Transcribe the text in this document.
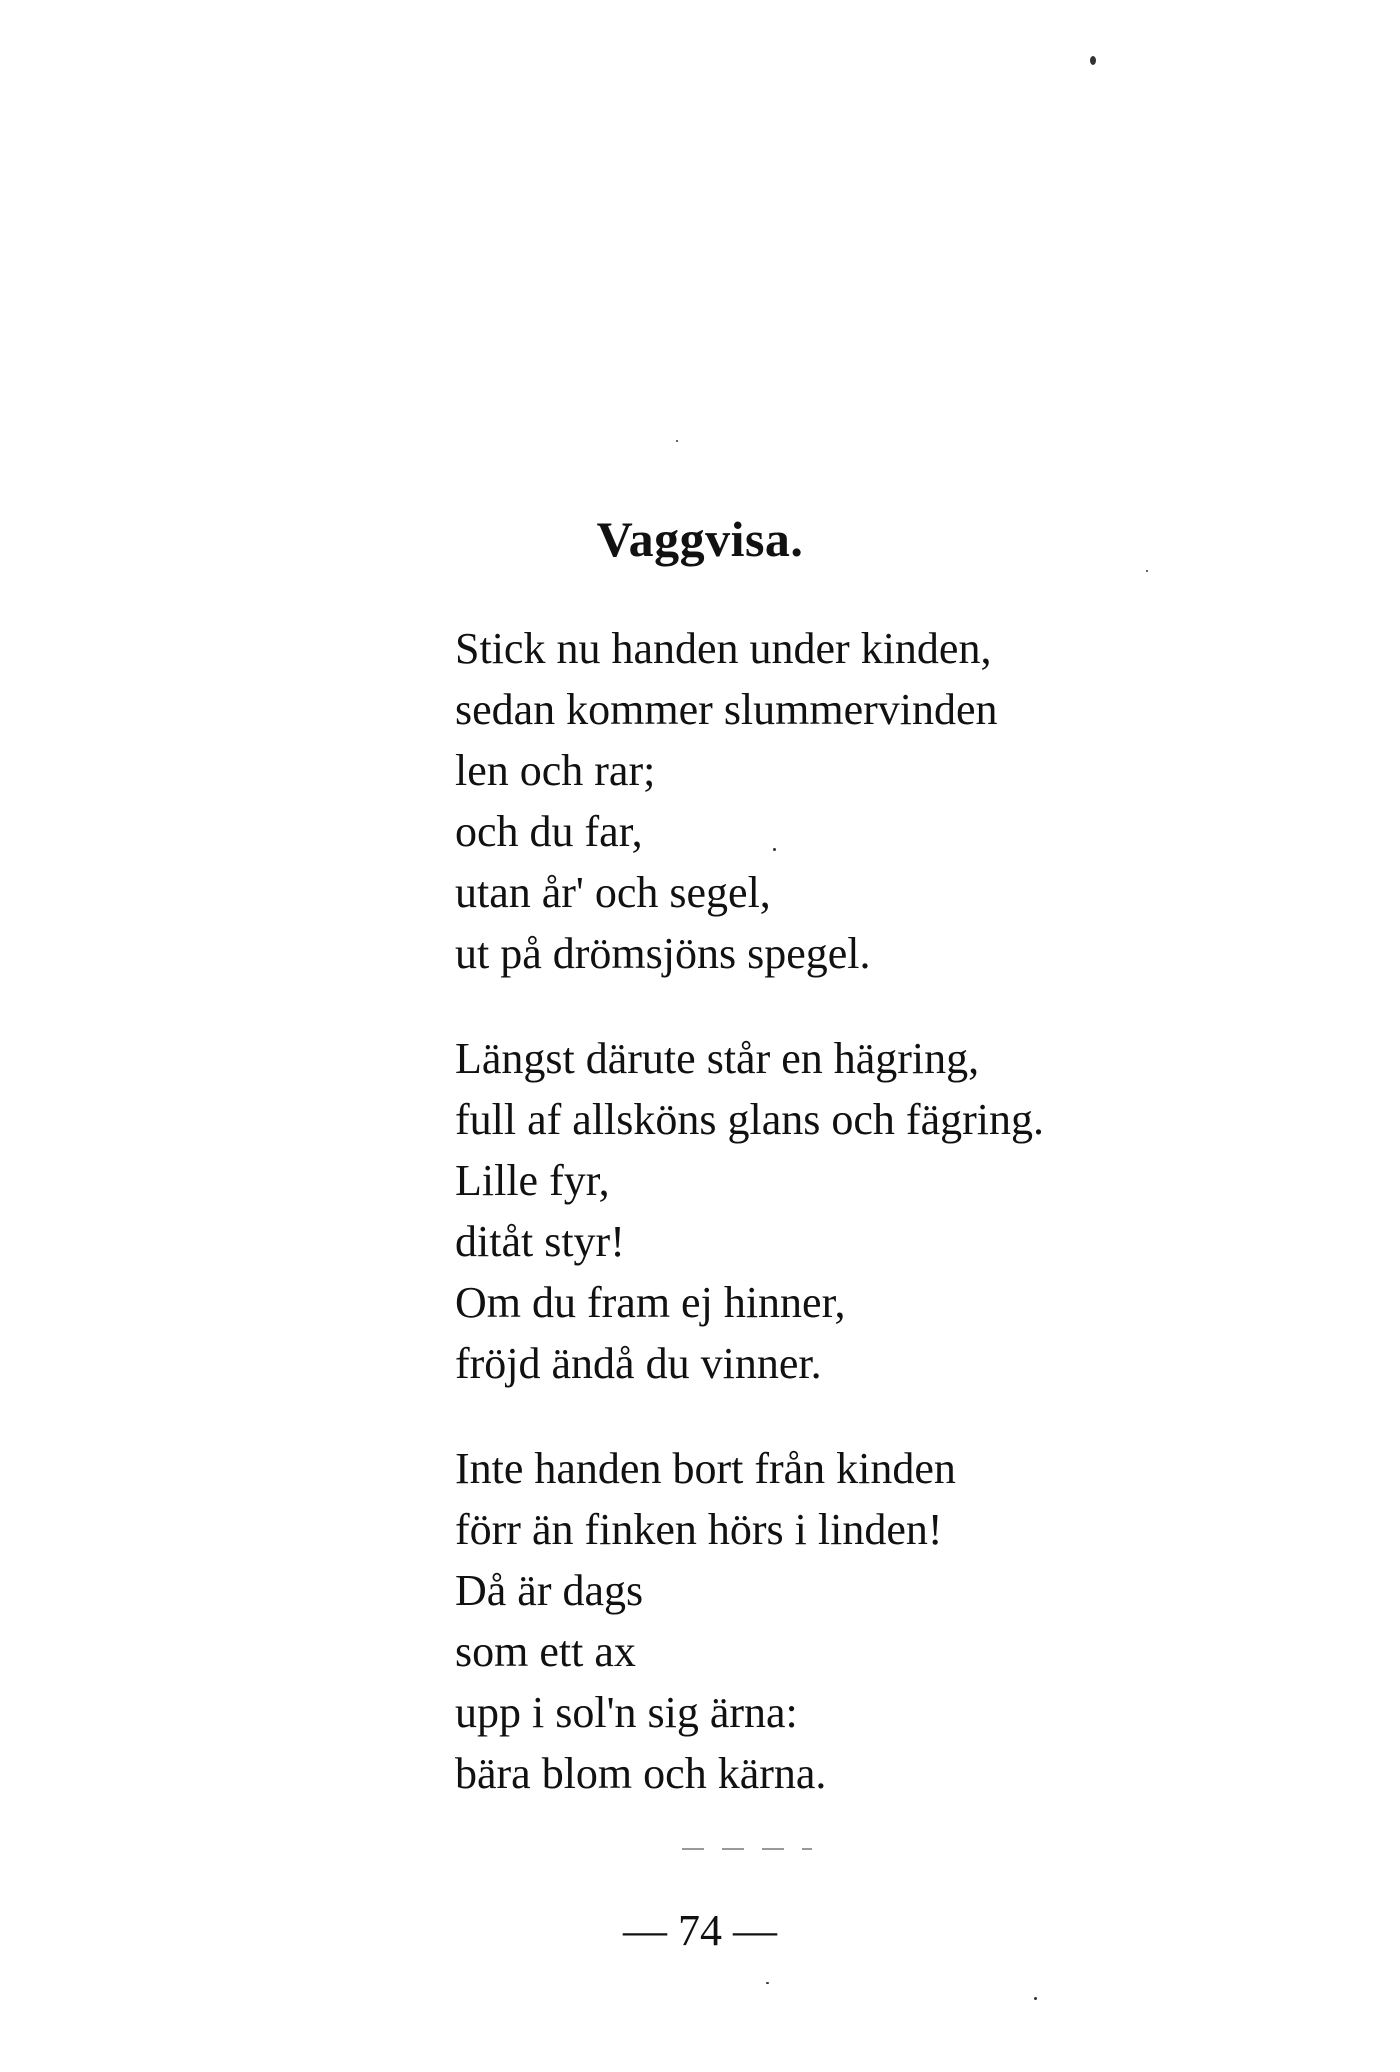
Vaggvisa.
Stick nu handen under kinden,
sedan kommer slummervinden
len och rar;
och du far,
utan år' och segel,
ut på drömsjöns spegel.
Längst därute står en hägring,
full af allsköns glans och fägring.
Lille fyr,
ditåt styr!
Om du fram ej hinner,
fröjd ändå du vinner.
Inte handen bort från kinden
förr än finken hörs i linden!
Då är dags
som ett ax
upp i sol'n sig ärna:
bära blom och kärna.
— 74 —
